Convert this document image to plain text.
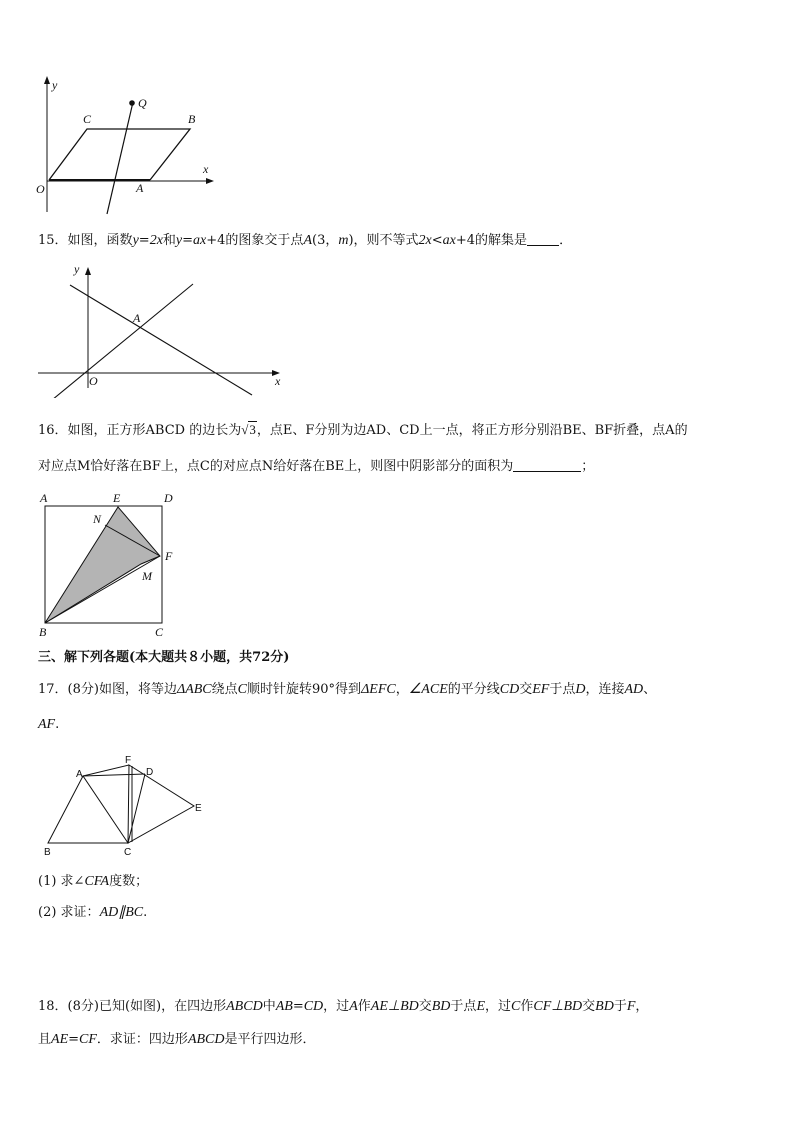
y
x
O	A
B
C
Q
15．如图，函数y=2x和y=ax+4的图象交于点A(3，m)，则不等式2x<ax+4的解集是 ．
y
x
O
A
16．如图，正方形ABCD 的边长为√3，点E、F分别为边AD、CD上一点，将正方形分别沿BE、BF折叠，点A的
对应点M恰好落在BF上，点C的对应点N给好落在BE上，则图中阴影部分的面积为	；
A	E	D
N
F
M
B	C
三、解下列各题(本大题共８小题，共72分)
17．(8分)如图，将等边ΔABC绕点C顺时针旋转90°得到ΔEFC，∠ACE的平分线CD交EF于点D，连接AD、
AF.
A
F
D
E
B	C
(1) 求∠CFA度数；
(2) 求证：AD∥BC.
18．(8分)已知(如图)，在四边形ABCD中AB=CD，过A作AE⊥BD交BD于点E，过C作CF⊥BD交BD于F，
且AE=CF．求证：四边形ABCD是平行四边形．
